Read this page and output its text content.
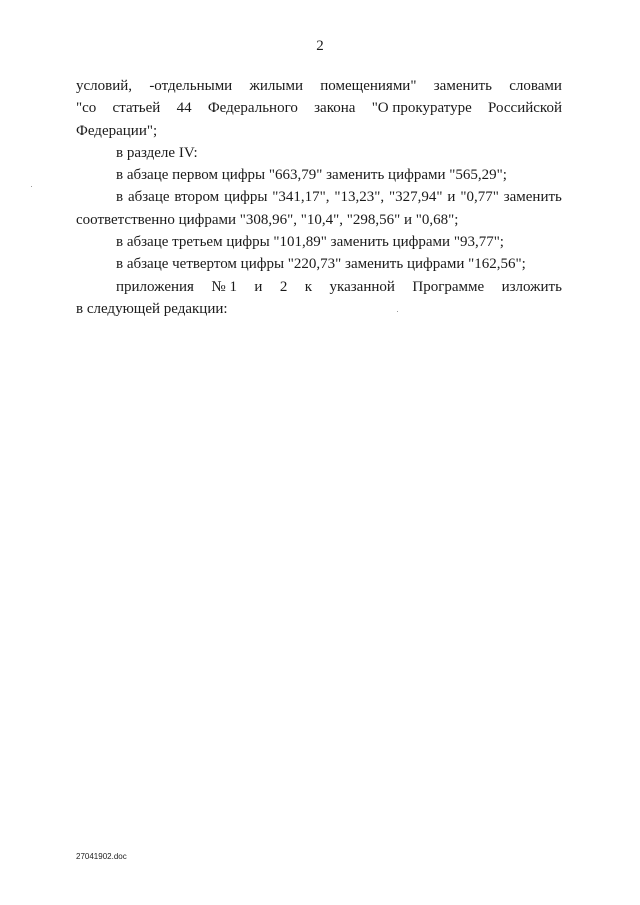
2
условий, -отдельными жилыми помещениями" заменить словами
"со статьей 44 Федерального закона "О прокуратуре Российской
Федерации";
в разделе IV:
в абзаце первом цифры "663,79" заменить цифрами "565,29";
в абзаце втором цифры "341,17", "13,23", "327,94" и "0,77" заменить
соответственно цифрами "308,96", "10,4", "298,56" и "0,68";
в абзаце третьем цифры "101,89" заменить цифрами "93,77";
в абзаце четвертом цифры "220,73" заменить цифрами "162,56";
приложения № 1 и 2 к указанной Программе изложить
в следующей редакции:
27041902.doc
